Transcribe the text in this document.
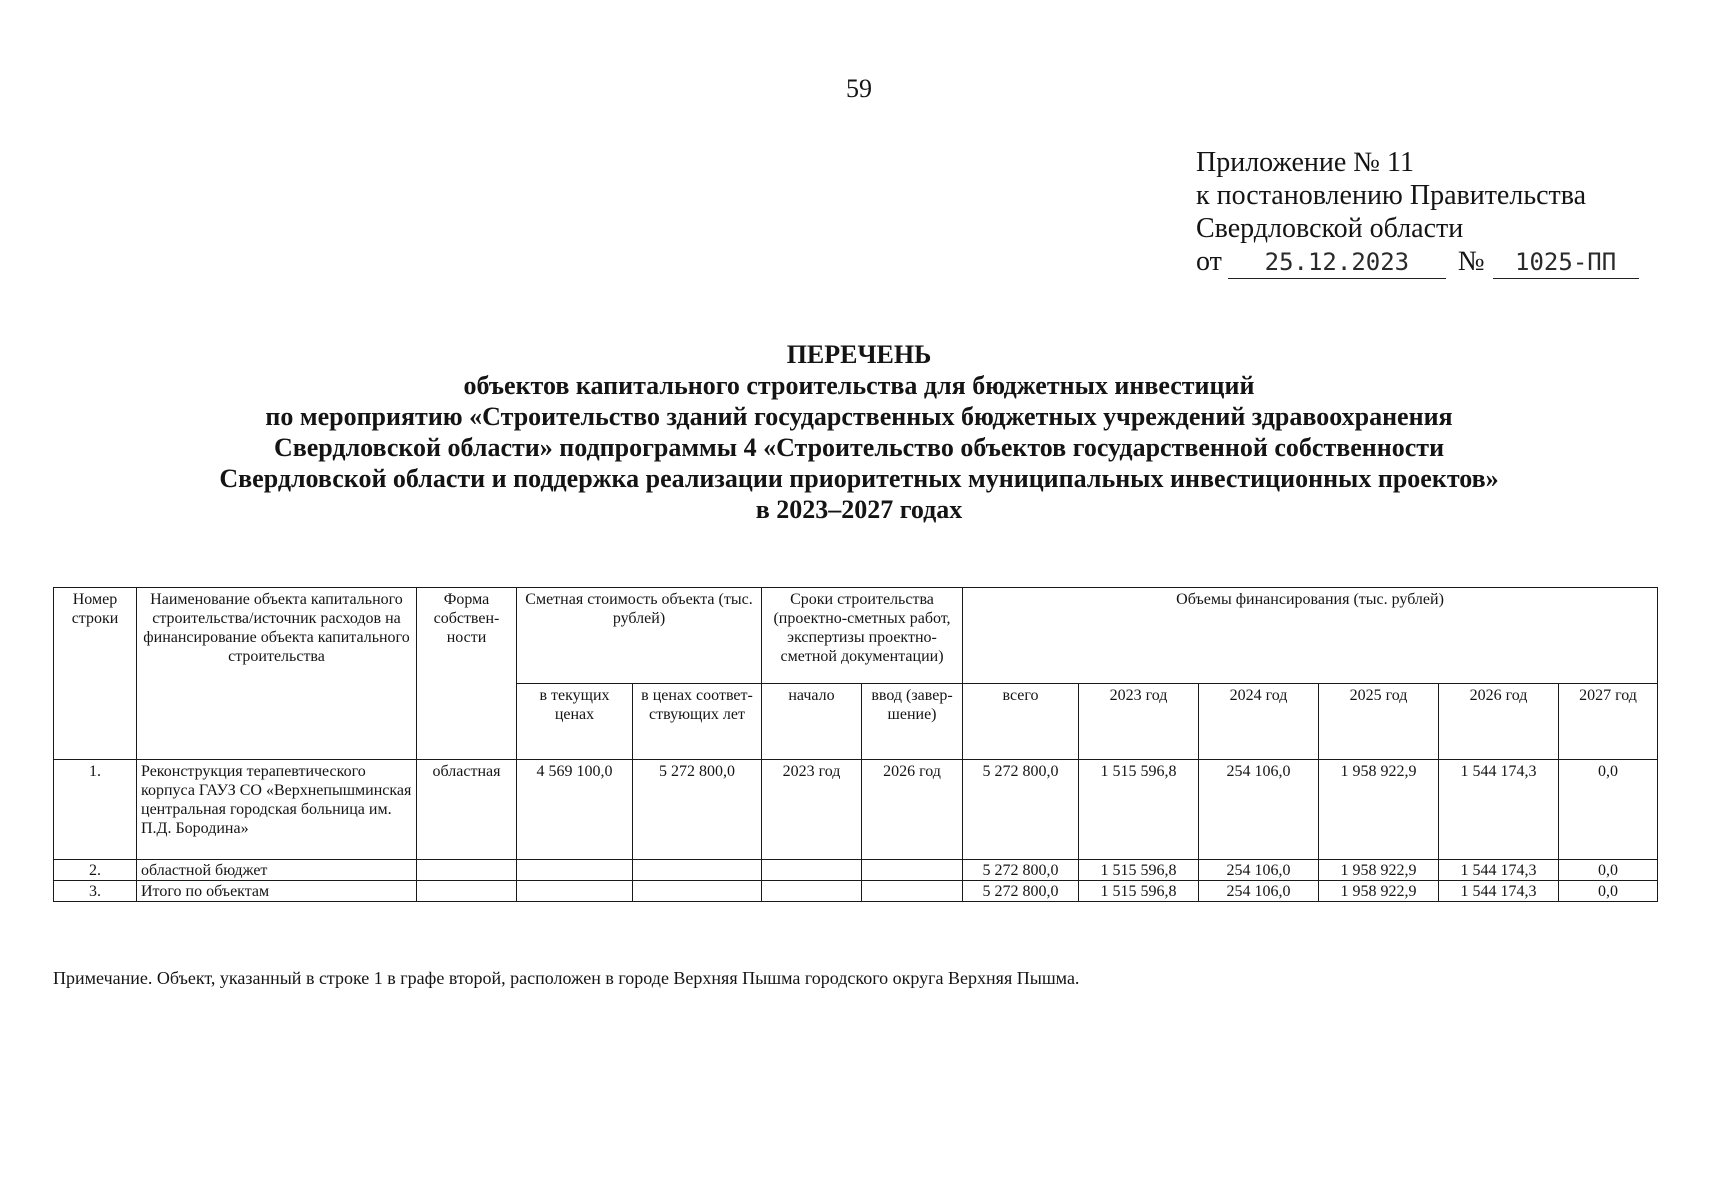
59
Приложение № 11
к постановлению Правительства
Свердловской области
от 25.12.2023 № 1025-ПП
ПЕРЕЧЕНЬ
объектов капитального строительства для бюджетных инвестиций
по мероприятию «Строительство зданий государственных бюджетных учреждений здравоохранения
Свердловской области» подпрограммы 4 «Строительство объектов государственной собственности
Свердловской области и поддержка реализации приоритетных муниципальных инвестиционных проектов»
в 2023–2027 годах
Номер строки	Наименование объекта капитального строительства/источник расходов на финансирование объекта капитального строительства	Форма собствен-ности	Сметная стоимость объекта (тыс. рублей)		Сроки строительства (проектно-сметных работ, экспертизы проектно-сметной документации)		Объемы финансирования (тыс. рублей)					
			в текущих ценах	в ценах соответ-ствующих лет	начало	ввод (завер-шение)	всего	2023 год	2024 год	2025 год	2026 год	2027 год
1.	Реконструкция терапевтического корпуса ГАУЗ СО «Верхнепышминская центральная городская больница им. П.Д. Бородина»	областная	4 569 100,0	5 272 800,0	2023 год	2026 год	5 272 800,0	1 515 596,8	254 106,0	1 958 922,9	1 544 174,3	0,0
2.	областной бюджет						5 272 800,0	1 515 596,8	254 106,0	1 958 922,9	1 544 174,3	0,0
3.	Итого по объектам						5 272 800,0	1 515 596,8	254 106,0	1 958 922,9	1 544 174,3	0,0
Примечание. Объект, указанный в строке 1 в графе второй, расположен в городе Верхняя Пышма городского округа Верхняя Пышма.
